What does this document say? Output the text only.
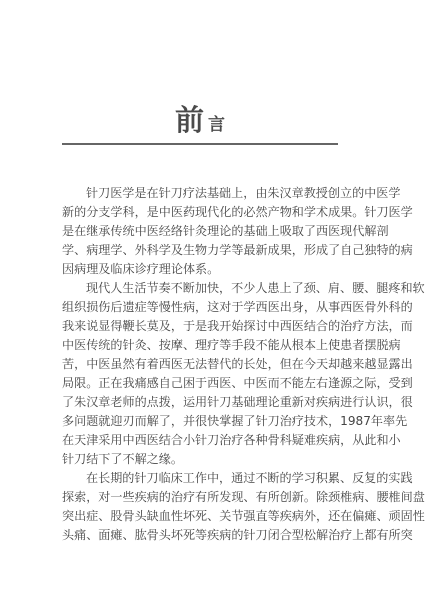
前 言
针刀医学是在针刀疗法基础上，由朱汉章教授创立的中医学
新的分支学科，是中医药现代化的必然产物和学术成果。针刀医学
是在继承传统中医经络针灸理论的基础上吸取了西医现代解剖
学、病理学、外科学及生物力学等最新成果，形成了自己独特的病
因病理及临床诊疗理论体系。
现代人生活节奏不断加快，不少人患上了颈、肩、腰、腿疼和软
组织损伤后遗症等慢性病，这对于学西医出身，从事西医骨外科的
我来说显得鞭长莫及，于是我开始探讨中西医结合的治疗方法，而
中医传统的针灸、按摩、理疗等手段不能从根本上使患者摆脱病
苦，中医虽然有着西医无法替代的长处，但在今天却越来越显露出
局限。正在我痛感自己困于西医、中医而不能左右逢源之际，受到
了朱汉章老师的点拨，运用针刀基础理论重新对疾病进行认识，很
多问题就迎刃而解了，并很快掌握了针刀治疗技术，1987年率先
在天津采用中西医结合小针刀治疗各种骨科疑难疾病，从此和小
针刀结下了不解之缘。
在长期的针刀临床工作中，通过不断的学习积累、反复的实践
探索，对一些疾病的治疗有所发现、有所创新。除颈椎病、腰椎间盘
突出症、股骨头缺血性坏死、关节强直等疾病外，还在偏瘫、顽固性
头痛、面瘫、肱骨头坏死等疾病的针刀闭合型松解治疗上都有所突
